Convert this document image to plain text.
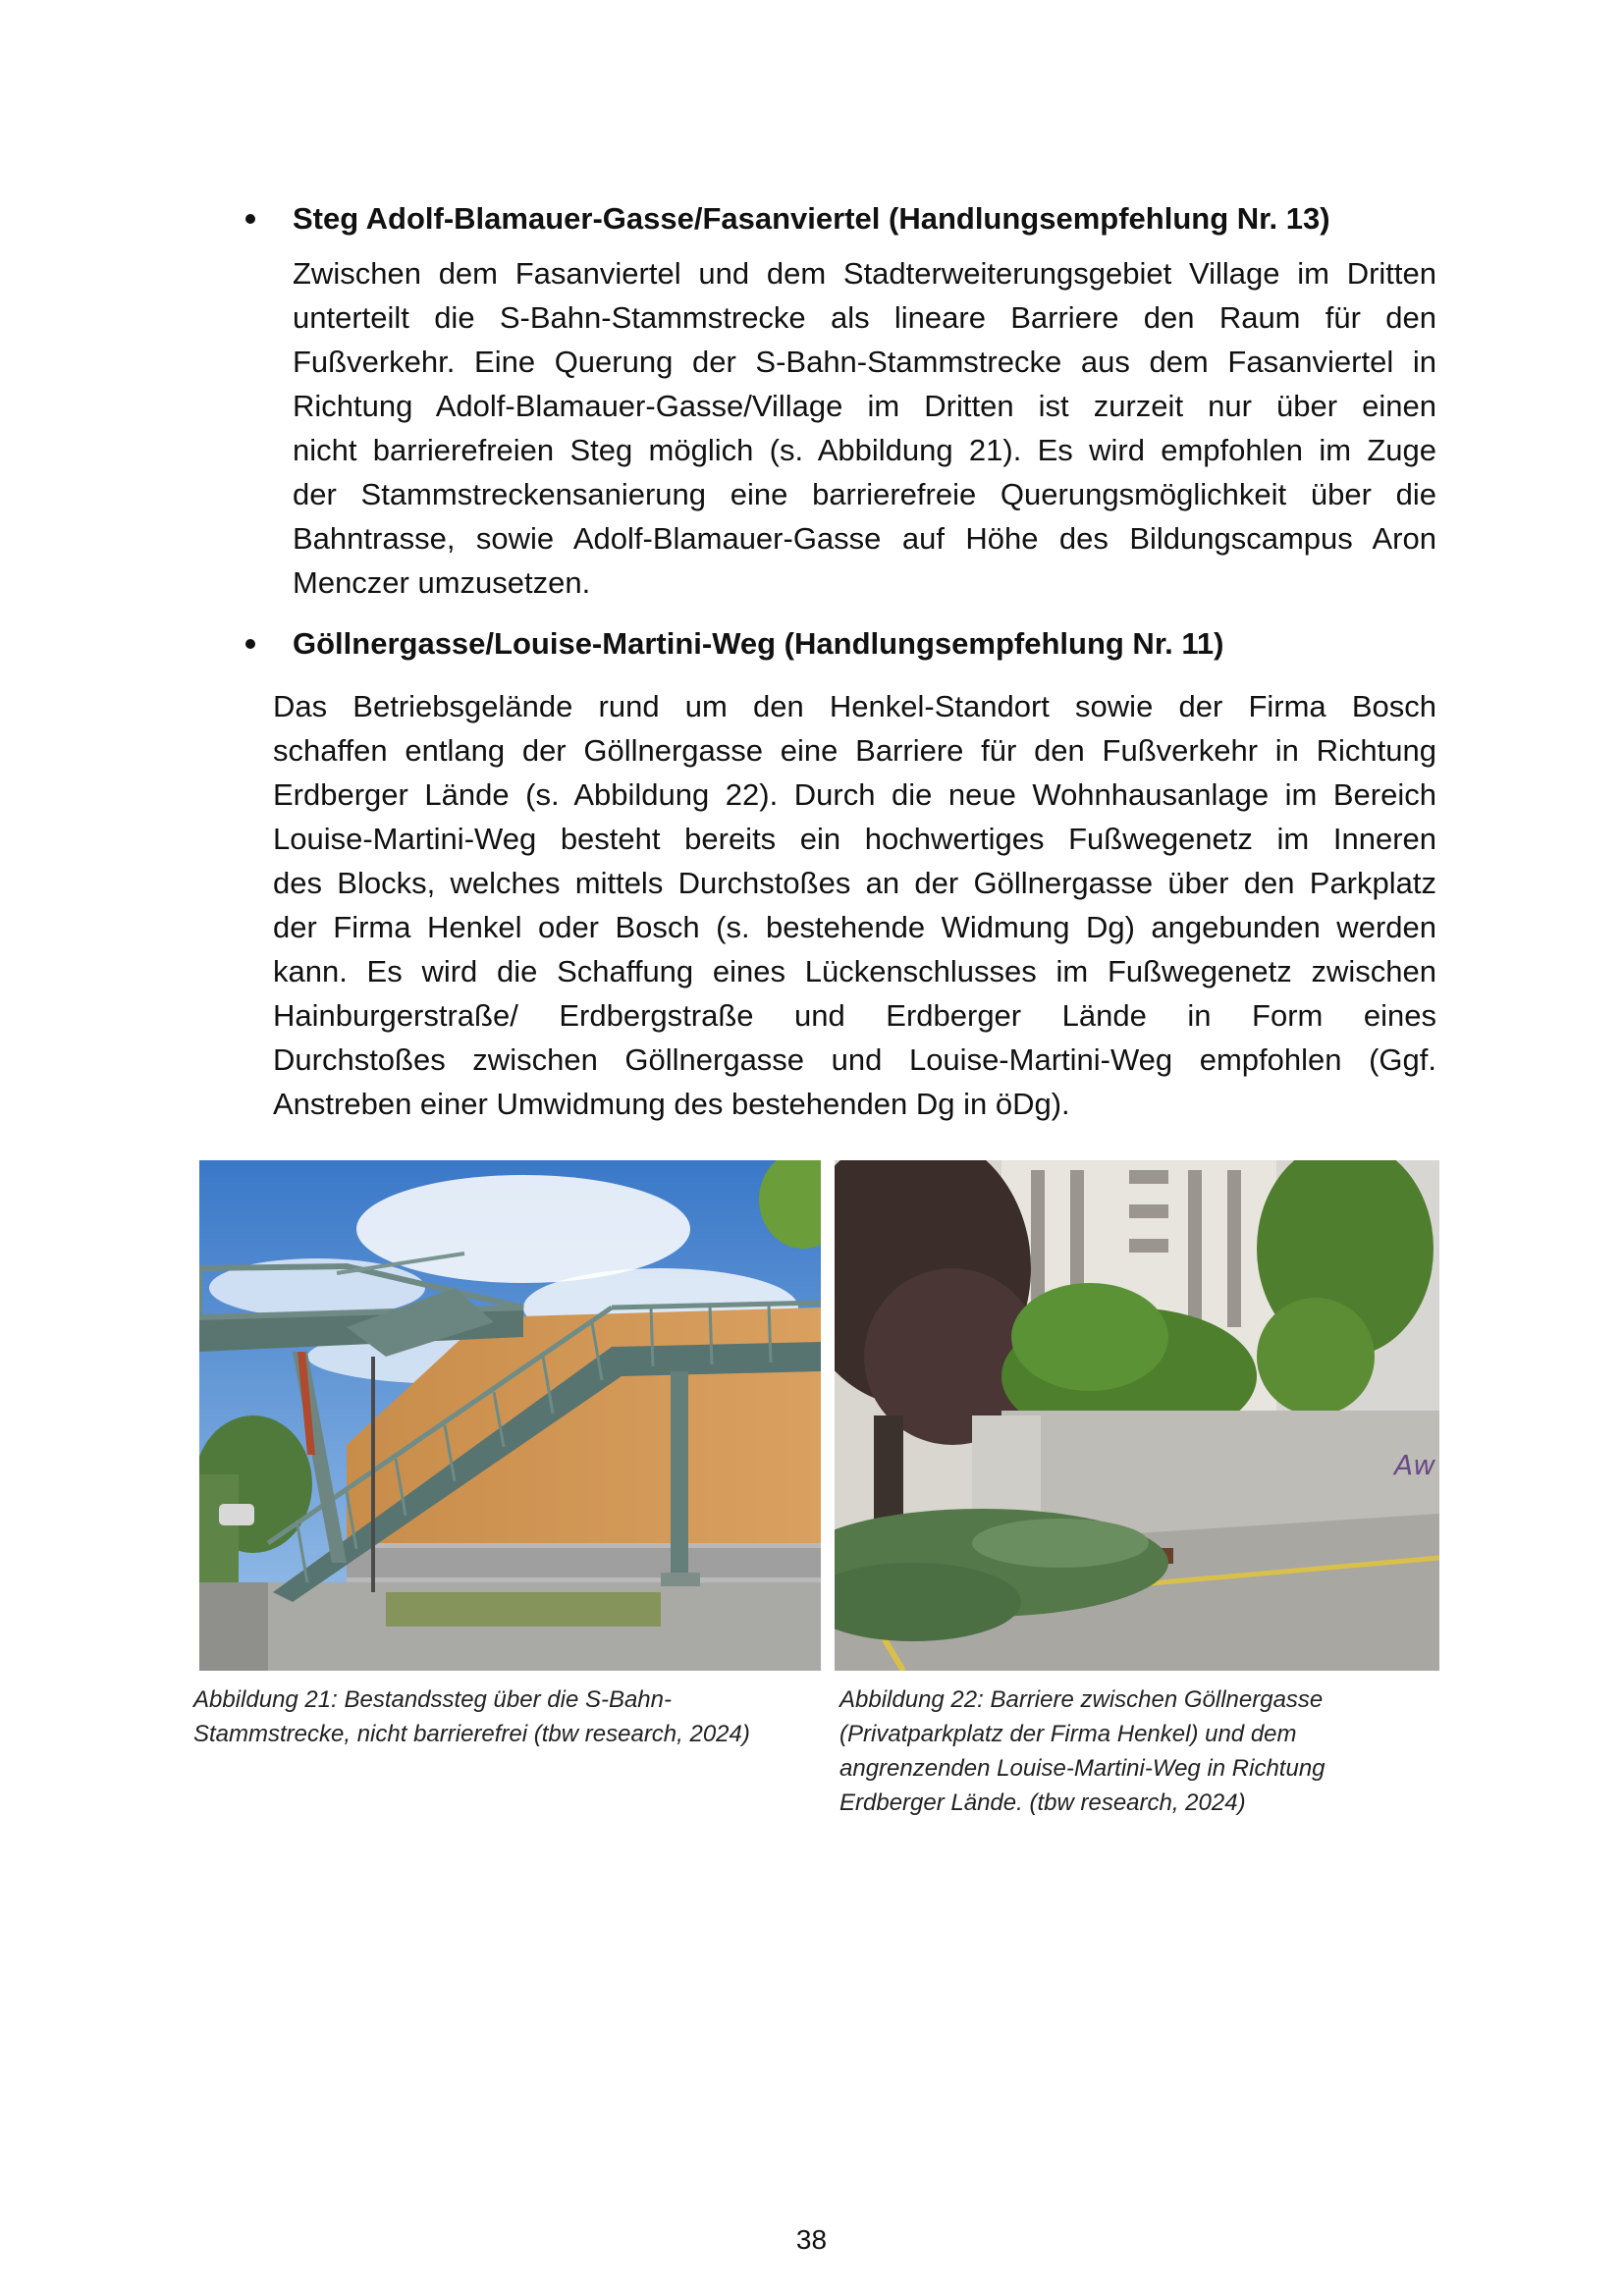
Steg Adolf-Blamauer-Gasse/Fasanviertel (Handlungsempfehlung Nr. 13)
Zwischen dem Fasanviertel und dem Stadterweiterungsgebiet Village im Dritten
unterteilt die S-Bahn-Stammstrecke als lineare Barriere den Raum für den
Fußverkehr. Eine Querung der S-Bahn-Stammstrecke aus dem Fasanviertel in
Richtung Adolf-Blamauer-Gasse/Village im Dritten ist zurzeit nur über einen
nicht barrierefreien Steg möglich (s. Abbildung 21). Es wird empfohlen im Zuge
der Stammstreckensanierung eine barrierefreie Querungsmöglichkeit über die
Bahntrasse, sowie Adolf-Blamauer-Gasse auf Höhe des Bildungscampus Aron
Menczer umzusetzen.
Göllnergasse/Louise-Martini-Weg (Handlungsempfehlung Nr. 11)
Das Betriebsgelände rund um den Henkel-Standort sowie der Firma Bosch
schaffen entlang der Göllnergasse eine Barriere für den Fußverkehr in Richtung
Erdberger Lände (s. Abbildung 22). Durch die neue Wohnhausanlage im Bereich
Louise-Martini-Weg besteht bereits ein hochwertiges Fußwegenetz im Inneren
des Blocks, welches mittels Durchstoßes an der Göllnergasse über den Parkplatz
der Firma Henkel oder Bosch (s. bestehende Widmung Dg) angebunden werden
kann. Es wird die Schaffung eines Lückenschlusses im Fußwegenetz zwischen
Hainburgerstraße/ Erdbergstraße und Erdberger Lände in Form eines
Durchstoßes zwischen Göllnergasse und Louise-Martini-Weg empfohlen (Ggf.
Anstreben einer Umwidmung des bestehenden Dg in öDg).
Aw
Abbildung 21: Bestandssteg über die S-Bahn-
Stammstrecke, nicht barrierefrei (tbw research, 2024)
Abbildung 22: Barriere zwischen Göllnergasse
(Privatparkplatz der Firma Henkel) und dem
angrenzenden Louise-Martini-Weg in Richtung
Erdberger Lände. (tbw research, 2024)
38
